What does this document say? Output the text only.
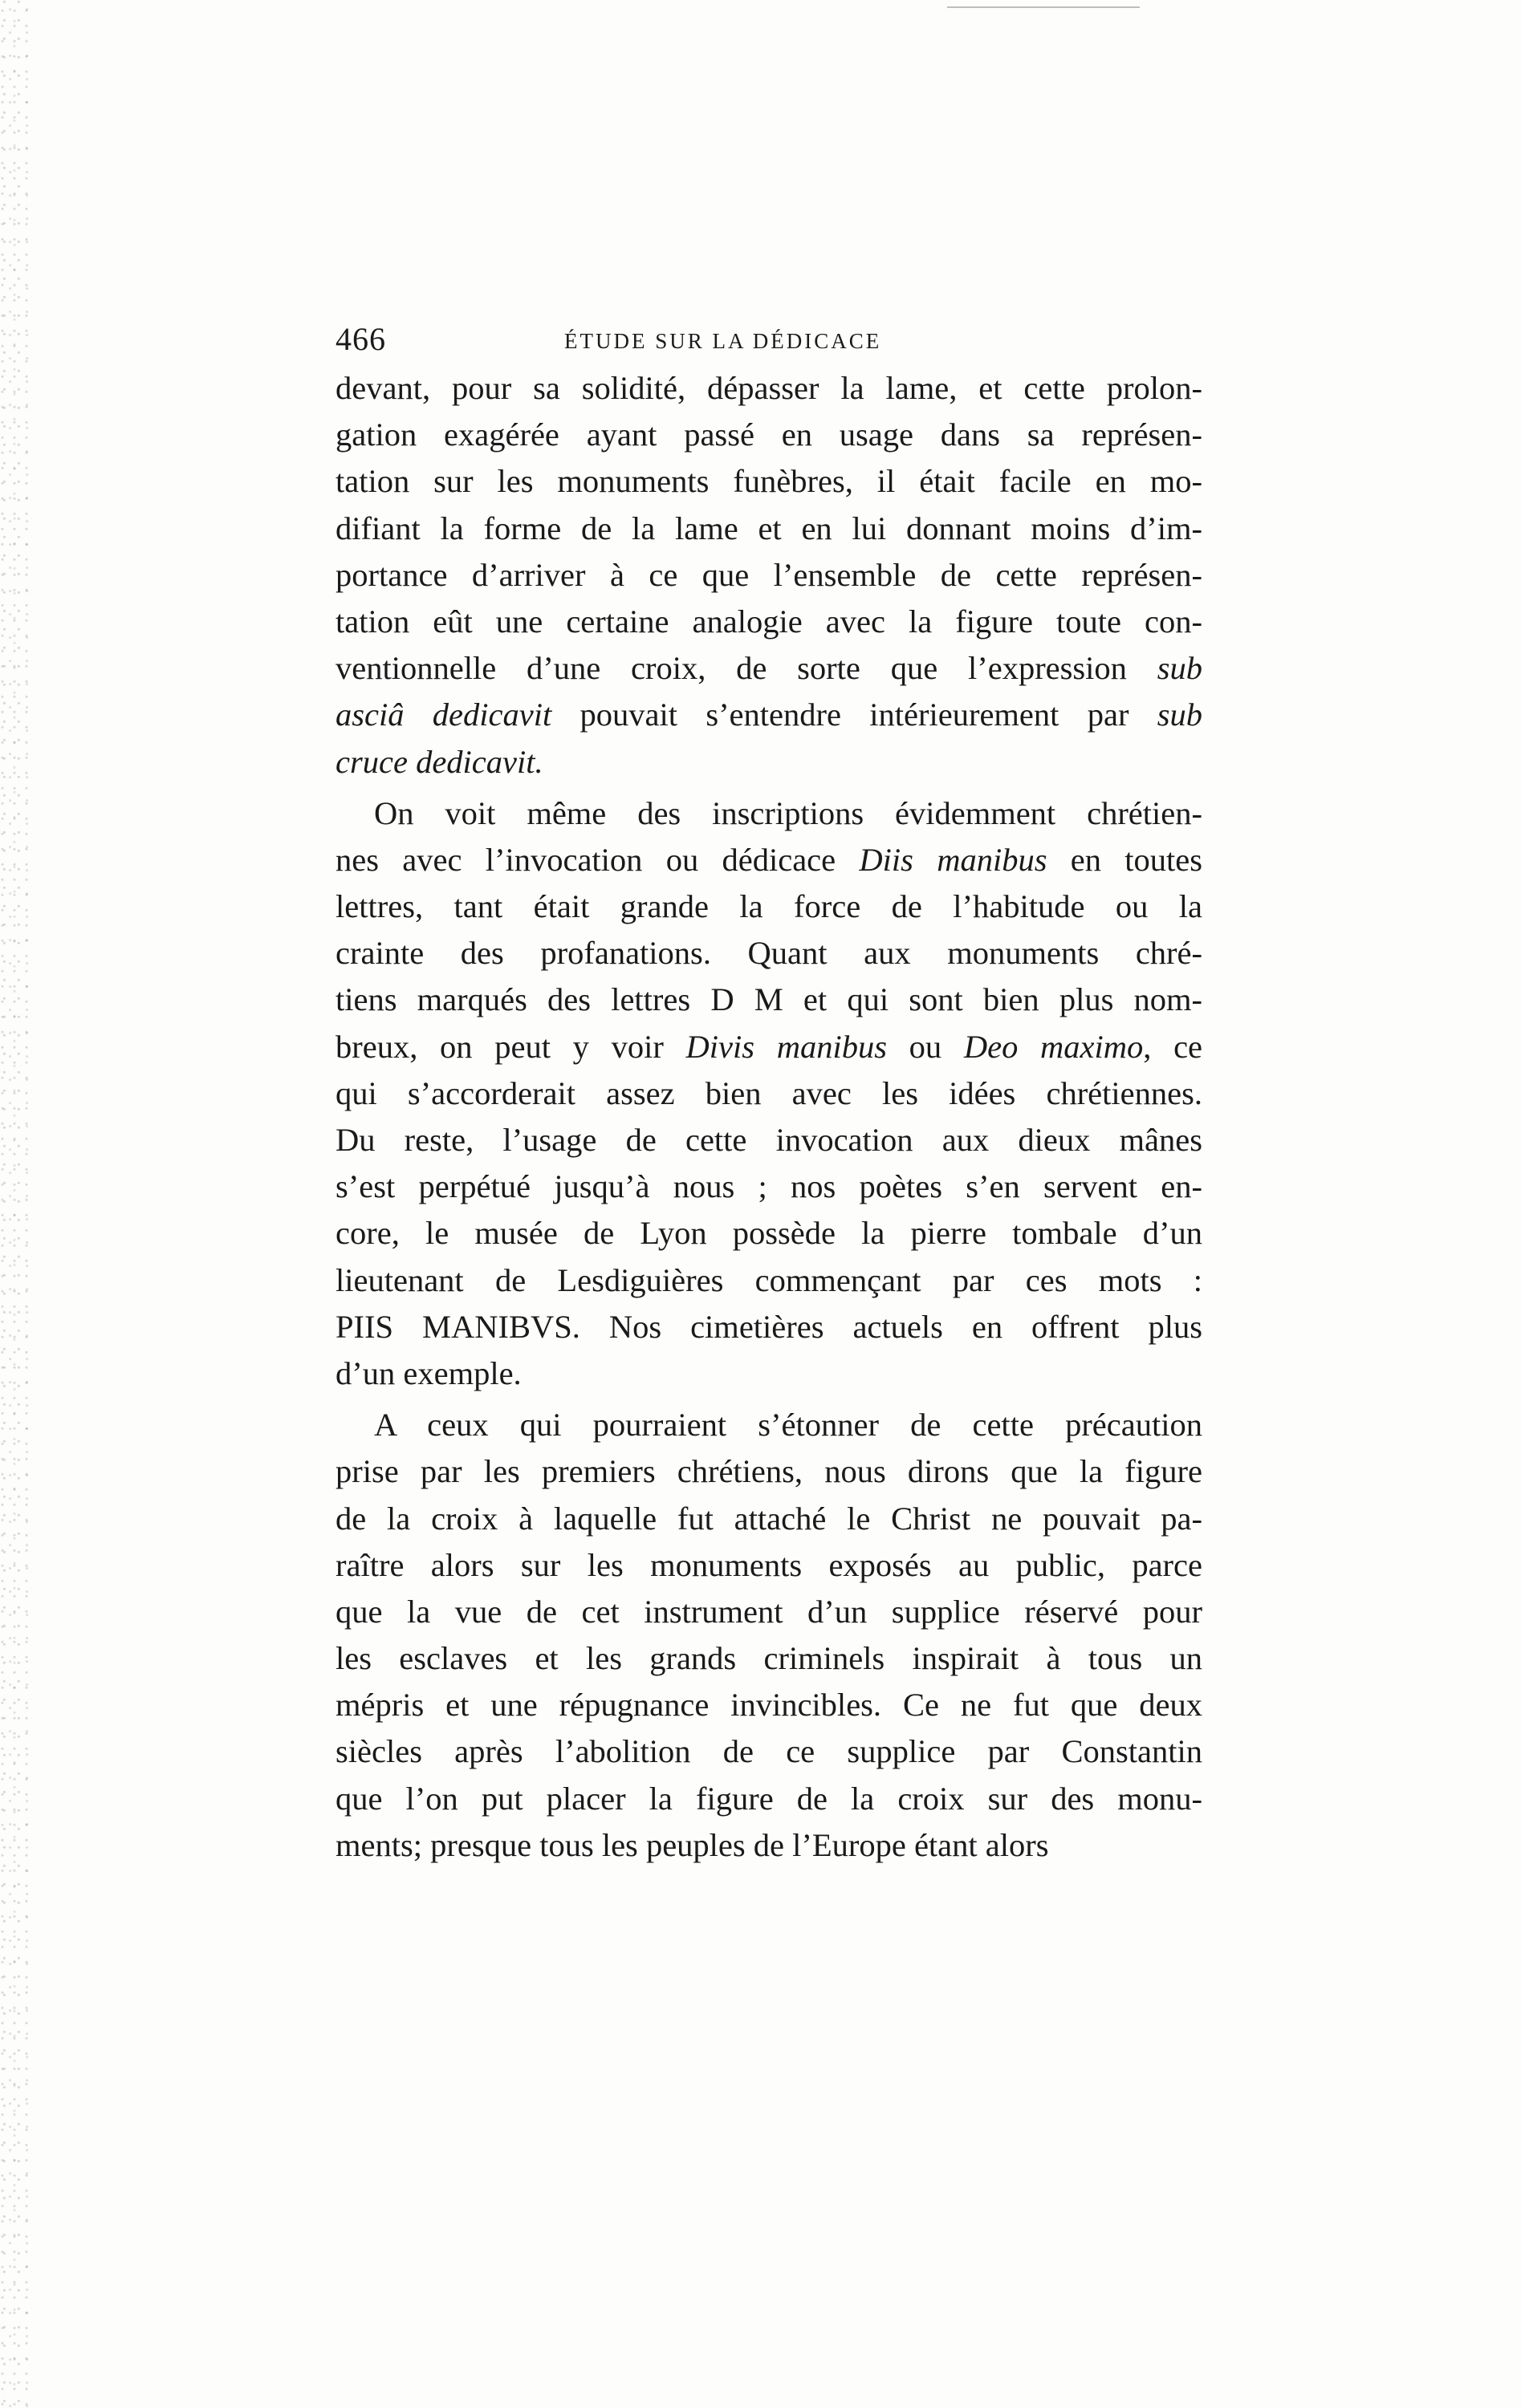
466	ÉTUDE SUR LA DÉDICACE
devant, pour sa solidité, dépasser la lame, et cette prolon-
gation exagérée ayant passé en usage dans sa représen-
tation sur les monuments funèbres, il était facile en mo-
difiant la forme de la lame et en lui donnant moins d’im-
portance d’arriver à ce que l’ensemble de cette représen-
tation eût une certaine analogie avec la figure toute con-
ventionnelle d’une croix, de sorte que l’expression sub
asciâ dedicavit pouvait s’entendre intérieurement par sub
cruce dedicavit.
On voit même des inscriptions évidemment chrétien-
nes avec l’invocation ou dédicace Diis manibus en toutes
lettres, tant était grande la force de l’habitude ou la
crainte des profanations. Quant aux monuments chré-
tiens marqués des lettres D M et qui sont bien plus nom-
breux, on peut y voir Divis manibus ou Deo maximo, ce
qui s’accorderait assez bien avec les idées chrétiennes.
Du reste, l’usage de cette invocation aux dieux mânes
s’est perpétué jusqu’à nous ; nos poètes s’en servent en-
core, le musée de Lyon possède la pierre tombale d’un
lieutenant de Lesdiguières commençant par ces mots :
PIIS MANIBVS. Nos cimetières actuels en offrent plus
d’un exemple.
A ceux qui pourraient s’étonner de cette précaution
prise par les premiers chrétiens, nous dirons que la figure
de la croix à laquelle fut attaché le Christ ne pouvait pa-
raître alors sur les monuments exposés au public, parce
que la vue de cet instrument d’un supplice réservé pour
les esclaves et les grands criminels inspirait à tous un
mépris et une répugnance invincibles. Ce ne fut que deux
siècles après l’abolition de ce supplice par Constantin
que l’on put placer la figure de la croix sur des monu-
ments; presque tous les peuples de l’Europe étant alors
